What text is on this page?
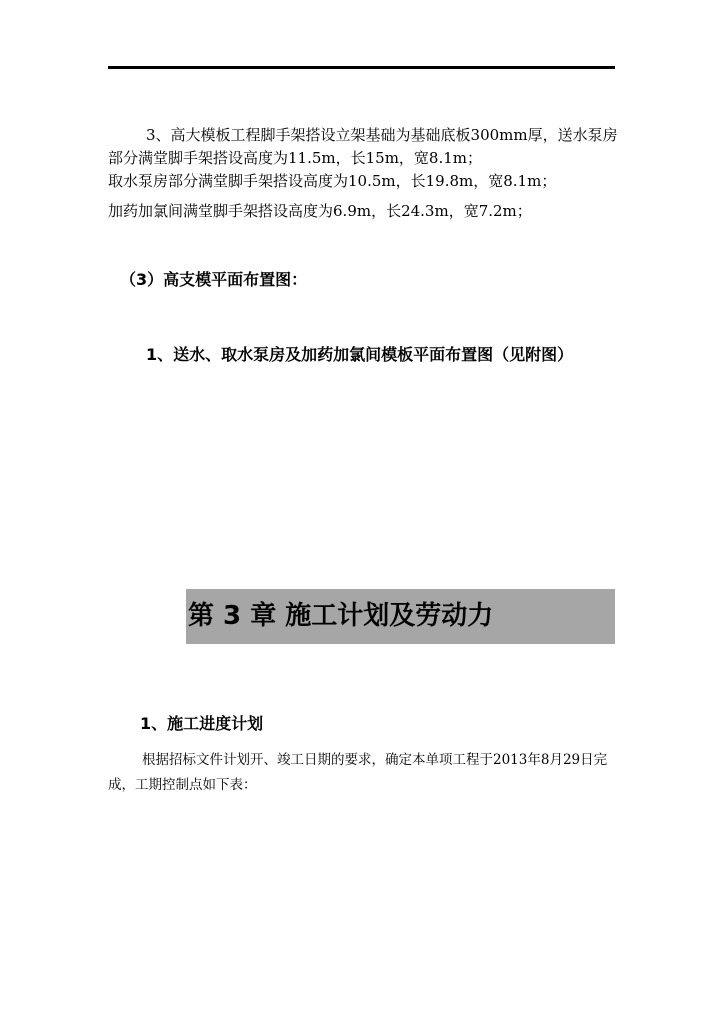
3、高大模板工程脚手架搭设立架基础为基础底板300mm厚，送水泵房部分满堂脚手架搭设高度为11.5m，长15m，宽8.1m；
取水泵房部分满堂脚手架搭设高度为10.5m，长19.8m，宽8.1m；
加药加氯间满堂脚手架搭设高度为6.9m，长24.3m，宽7.2m；
（3）高支模平面布置图：
1、送水、取水泵房及加药加氯间模板平面布置图（见附图）
第 3 章 施工计划及劳动力
1、施工进度计划
根据招标文件计划开、竣工日期的要求，确定本单项工程于2013年8月29日完成，工期控制点如下表：
